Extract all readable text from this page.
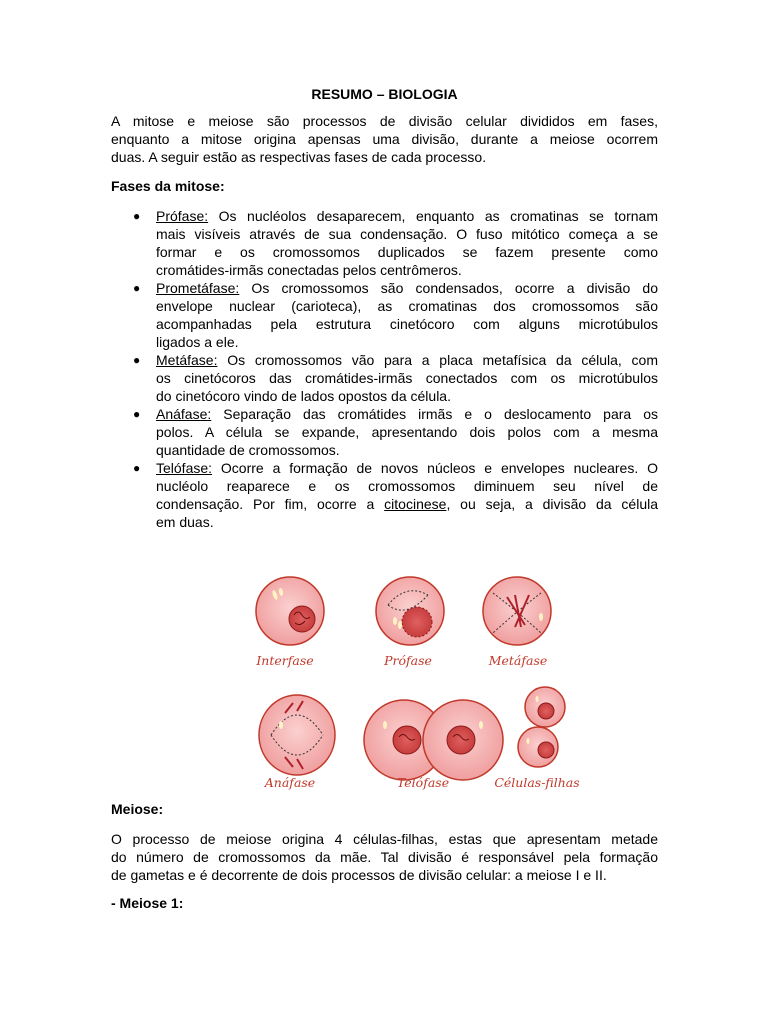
RESUMO – BIOLOGIA
A mitose e meiose são processos de divisão celular divididos em fases,
enquanto a mitose origina apensas uma divisão, durante a meiose ocorrem
duas. A seguir estão as respectivas fases de cada processo.
Fases da mitose:
● Prófase: Os nucléolos desaparecem, enquanto as cromatinas se tornam
mais visíveis através de sua condensação. O fuso mitótico começa a se
formar e os cromossomos duplicados se fazem presente como
cromátides-irmãs conectadas pelos centrômeros.
● Prometáfase: Os cromossomos são condensados, ocorre a divisão do
envelope nuclear (carioteca), as cromatinas dos cromossomos são
acompanhadas pela estrutura cinetócoro com alguns microtúbulos
ligados a ele.
● Metáfase: Os cromossomos vão para a placa metafísica da célula, com
os cinetócoros das cromátides-irmãs conectados com os microtúbulos
do cinetócoro vindo de lados opostos da célula.
● Anáfase: Separação das cromátides irmãs e o deslocamento para os
polos. A célula se expande, apresentando dois polos com a mesma
quantidade de cromossomos.
● Telófase: Ocorre a formação de novos núcleos e envelopes nucleares. O
nucléolo reaparece e os cromossomos diminuem seu nível de
condensação. Por fim, ocorre a citocinese, ou seja, a divisão da célula
em duas.
Meiose:
O processo de meiose origina 4 células-filhas, estas que apresentam metade
do número de cromossomos da mãe. Tal divisão é responsável pela formação
de gametas e é decorrente de dois processos de divisão celular: a meiose I e II.
- Meiose 1:
Interfase	Prófase	Metáfase
Anáfase	Telófase	Células-filhas
